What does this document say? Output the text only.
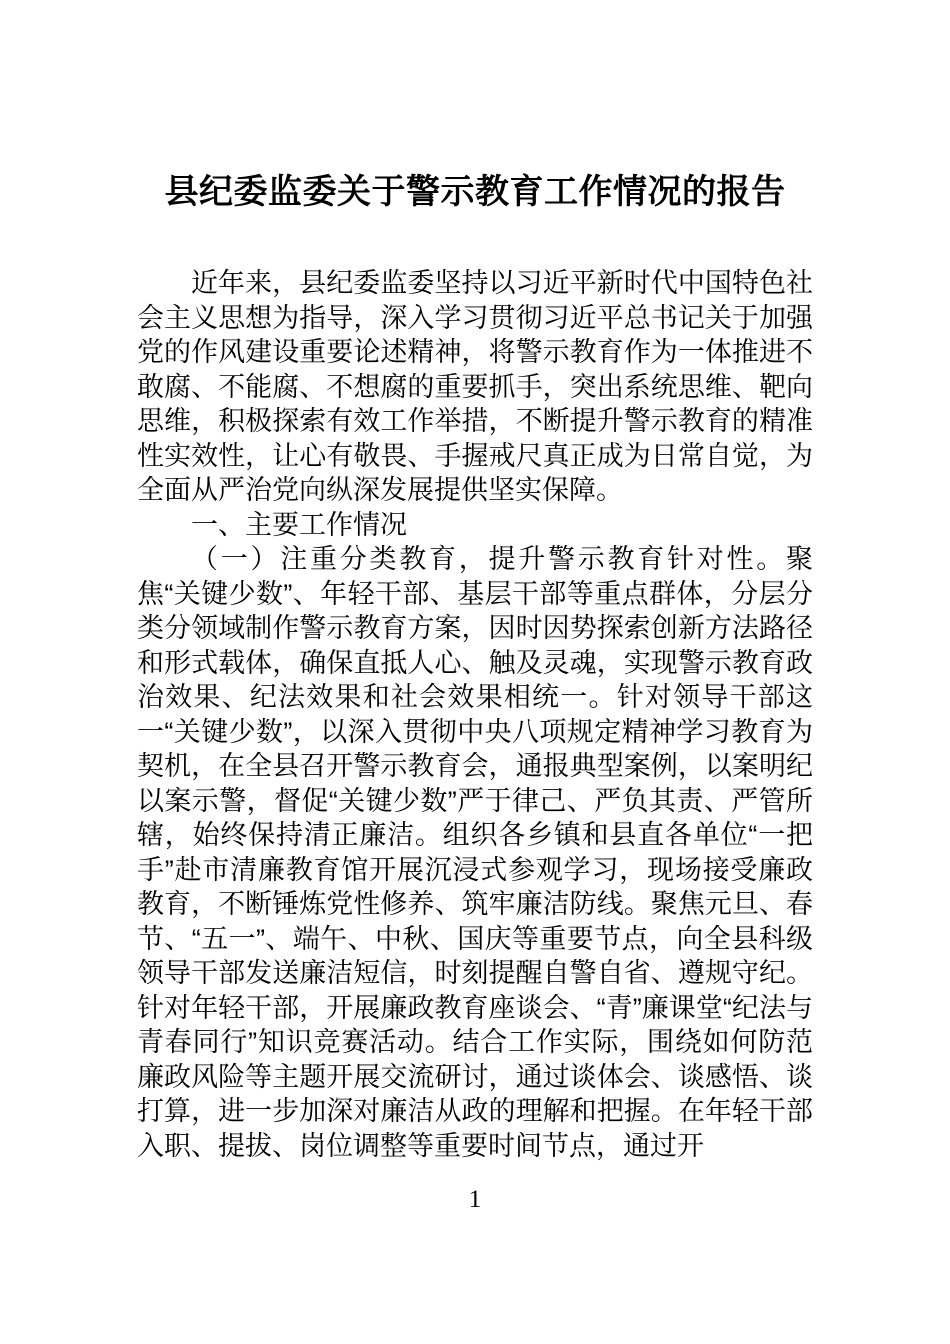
县纪委监委关于警示教育工作情况的报告

近年来，县纪委监委坚持以习近平新时代中国特色社会主义思想为指导，深入学习贯彻习近平总书记关于加强党的作风建设重要论述精神，将警示教育作为一体推进不敢腐、不能腐、不想腐的重要抓手，突出系统思维、靶向思维，积极探索有效工作举措，不断提升警示教育的精准性实效性，让心有敬畏、手握戒尺真正成为日常自觉，为全面从严治党向纵深发展提供坚实保障。

一、主要工作情况

（一）注重分类教育，提升警示教育针对性。聚焦“关键少数”、年轻干部、基层干部等重点群体，分层分类分领域制作警示教育方案，因时因势探索创新方法路径和形式载体，确保直抵人心、触及灵魂，实现警示教育政治效果、纪法效果和社会效果相统一。针对领导干部这一“关键少数”，以深入贯彻中央八项规定精神学习教育为契机，在全县召开警示教育会，通报典型案例，以案明纪以案示警，督促“关键少数”严于律己、严负其责、严管所辖，始终保持清正廉洁。组织各乡镇和县直各单位“一把手”赴市清廉教育馆开展沉浸式参观学习，现场接受廉政教育，不断锤炼党性修养、筑牢廉洁防线。聚焦元旦、春节、“五一”、端午、中秋、国庆等重要节点，向全县科级领导干部发送廉洁短信，时刻提醒自警自省、遵规守纪。针对年轻干部，开展廉政教育座谈会、“青”廉课堂“纪法与青春同行”知识竞赛活动。结合工作实际，围绕如何防范廉政风险等主题开展交流研讨，通过谈体会、谈感悟、谈打算，进一步加深对廉洁从政的理解和把握。在年轻干部入职、提拔、岗位调整等重要时间节点，通过开

1
